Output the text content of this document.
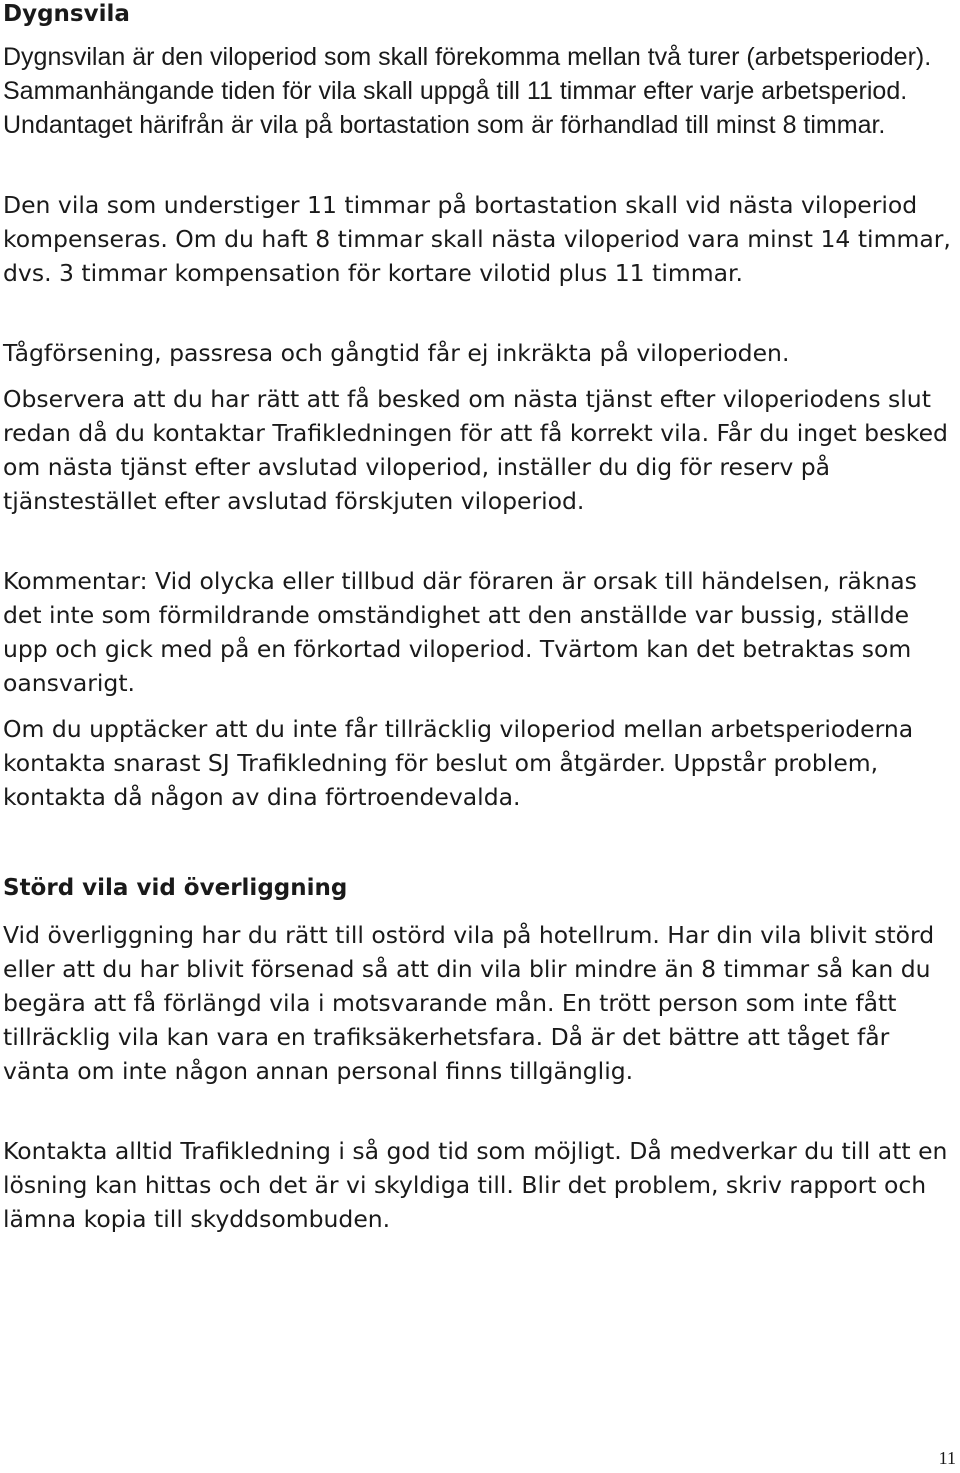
Dygnsvila

Dygnsvilan är den viloperiod som skall förekomma mellan två turer (arbetsperioder). Sammanhängande tiden för vila skall uppgå till 11 timmar efter varje arbetsperiod. Undantaget härifrån är vila på bortastation som är förhandlad till minst 8 timmar.

Den vila som understiger 11 timmar på bortastation skall vid nästa viloperiod kompenseras. Om du haft 8 timmar skall nästa viloperiod vara minst 14 timmar, dvs. 3 timmar kompensation för kortare vilotid plus 11 timmar.

Tågförsening, passresa och gångtid får ej inkräkta på viloperioden.

Observera att du har rätt att få besked om nästa tjänst efter viloperiodens slut redan då du kontaktar Trafikledningen för att få korrekt vila. Får du inget besked om nästa tjänst efter avslutad viloperiod, inställer du dig för reserv på tjänstestället efter avslutad förskjuten viloperiod.

Kommentar: Vid olycka eller tillbud där föraren är orsak till händelsen, räknas det inte som förmildrande omständighet att den anställde var bussig, ställde upp och gick med på en förkortad viloperiod. Tvärtom kan det betraktas som oansvarigt.

Om du upptäcker att du inte får tillräcklig viloperiod mellan arbetsperioderna kontakta snarast SJ Trafikledning för beslut om åtgärder. Uppstår problem, kontakta då någon av dina förtroendevalda.

Störd vila vid överliggning

Vid överliggning har du rätt till ostörd vila på hotellrum. Har din vila blivit störd eller att du har blivit försenad så att din vila blir mindre än 8 timmar så kan du begära att få förlängd vila i motsvarande mån. En trött person som inte fått tillräcklig vila kan vara en trafiksäkerhetsfara. Då är det bättre att tåget får vänta om inte någon annan personal finns tillgänglig.

Kontakta alltid Trafikledning i så god tid som möjligt. Då medverkar du till att en lösning kan hittas och det är vi skyldiga till. Blir det problem, skriv rapport och lämna kopia till skyddsombuden.

11
